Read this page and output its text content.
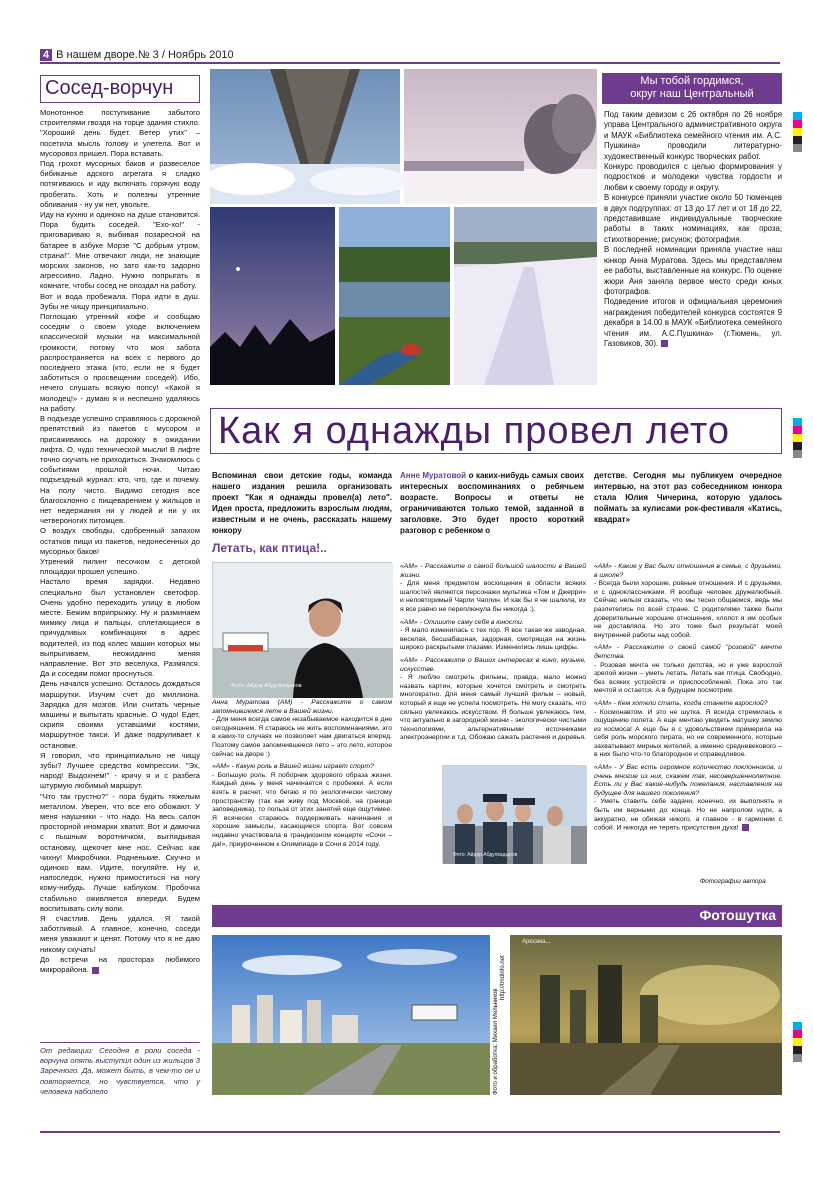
4 В нашем дворе.№ 3 / Ноябрь 2010
Сосед-ворчун

Монотонное поступивание забытого строителями гвоздя на торце здания стихло. "Хороший день будет. Ветер утих" – посетила мысль голову и улетела. Вот и мусоровоз пришел. Пора вставать.

Под грохот мусорных баков и развеселое бибиканье адского агрегата я сладко потягиваюсь и иду включать горячую воду пробегать. Хоть и полезны утренние обливания - ну уж нет, увольте.

Иду на кухню и одиноко на душе становится. Пора будить соседей. "Ехо-хо!" - приговариваю я, выбивая позаресной на батарее в азбуке Морзе "С добрым утром, страна!". Мне отвечают люди, не знающие морских законов, но зато как-то задорно агрессивно. Ладно. Нужно попрыгать в комнате, чтобы сосед не опоздал на работу.

Вот и вода пробежала. Пора идти в душ. Зубы не чищу принципиально.

Поглощаю утренний кофе и сообщаю соседям о своем уходе включением классической музыки на максимальной громкости, потому что моя забота распространяется на всех с первого до последнего этажа (кто, если не я будет заботиться о просвещении соседей). Ибо, нечего слушать всякую попсу! «Какой я молодец!» - думаю я и неспешно удаляюсь на работу.

В подъезде успешно справляюсь с дорожной препятствий из пакетов с мусором и присаживаюсь на дорожку в ожидании лифта. О, чудо технической мысли! В лифте точно скучать не приходиться. Знакомлюсь с событиями прошлой ночи. Читаю подъездный журнал: кто, что, где и почему. На полу чисто. Видимо сегодня все благосклонно с пищеварением у жильцов и нет недержания ни у людей и ни у их четвероногих питомцев.

О воздух свободы, сдобренный запахом остатков пищи из пакетов, недонесенных до мусорных баков!

Утренний пилинг песочком с детской площадки прошел успешно.

Настало время зарядки. Недавно специально был установлен светофор. Очень удобно переходить улицу в любом месте. Бежим вприпрыжку. Ну и разминаем мимику лица и пальцы, сплетающиеся в причудливых комбинациях в адрес водителей, из под колес машин которых мы выпрыгиваем, неожиданно меняя направление. Вот это веселуха. Размялся. Да и соседям помог проснуться.

День начался успешно. Осталось дождаться маршрутки. Изучим счет до миллиона. Зарядка для мозгов. Или считать черные машины и выпытать красные. О чудо! Едет, скрипя своими уставшими костями, маршрутное такси. И даже подруливает к остановке.

Я говорил, что принципиально не чищу зубы? Лучшее средство компрессии. "Эх, народ! Выдохнем!" - кричу я и с разбега штурмую любимый маршрут.

"Что так грустно?" - пора будить тяжелым металлом. Уверен, что все его обожают. У меня наушники - что надо. На весь салон просторной иномарки хватит. Вот и дамочка с пышным воротничком, выглядывая остановку, щекочет мне нос. Сейчас как чихну! Микробчики. Родненькие. Скучно и одиноко вам. Идите, погуляйте. Ну и, напоследок, нужно примоститься на ногу кому-нибудь. Лучше каблуком. Пробочка стабильно оживляется впереди. Будем воспитывать силу воли.

Я счастлив. День удался. Я такой заботливый. А главное, конечно, соседи меня уважают и ценят. Потому что я не даю никому скучать!

До встречи на просторах любимого микрорайона.

От редакции: Сегодня в роли соседа - ворчуна опять выступил один из жильцов 3 Заречного. Да, может быть, в чем-то он и повторяется, но чувствуется, что у человека наболело
Мы тобой гордимся,
округ наш Центральный

Под таким девизом с 26 октября по 26 ноября управа Центрального административного округа и МАУК «Библиотека семейного чтения им. А.С. Пушкина» проводили литературно-художественный конкурс творческих работ.

Конкурс проводился с целью формирования у подростков и молодежи чувства гордости и любви к своему городу и округу.

В конкурсе приняли участие около 50 тюменцев в двух подгруппах: от 13 до 17 лет и от 18 до 22, представившие индивидуальные творческие работы в таких номинациях, как проза; стихотворение; рисунок; фотография.

В последней номинации приняла участие наш юнкор Анна Муратова. Здесь мы представляем ее работы, выставленные на конкурс. По оценке жюри Аня заняла первое место среди юных фотографов.

Подведение итогов и официальная церемония награждения победителей конкурса состоятся 9 декабря в 14.00 в МАУК «Библиотека семейного чтения им. А.С.Пушкина» (г.Тюмень, ул. Газовиков, 30).

Как я однажды провел лето
Вспоминая свои детские годы, команда нашего издания решила организовать проект "Как я однажды провел(а) лето". Идея проста, предложить взрослым людям, известным и не очень, рассказать нашему юнкору
Анне Муратовой о каких-нибудь самых своих интересных воспоминаниях о ребячьем возрасте. Вопросы и ответы не ограничиваются только темой, заданной в заголовке. Это будет просто короткий разговор с ребенком о
детстве. Сегодня мы публикуем очередное интервью, на этот раз собеседником юнкора стала Юлия Чичерина, которую удалось поймать за кулисами рок-фестиваля «Катись, квадрат»
Летать, как птица!..
Фото: Айдар Абдулкадыров

Анна Муратова (АМ) - Расскажите о самом запомнившемся лете в Вашей жизни.

- Для меня всегда самое незабываемое находится в дне сегодняшнем. Я стараюсь не жить воспоминаниями, это в каких-то случаях не позволяет нам двигаться вперед. Поэтому самое запомнившееся лето – это лето, которое сейчас на дворе :)

«АМ» - Какую роль в Вашей жизни играет спорт?

- Большую роль. Я поборник здорового образа жизни. Каждый день у меня начинается с пробежки. А если взять в расчет, что бегаю я по экологически чистому пространству (так как живу под Москвой, на границе заповедника), то польза от этих занятий еще ощутимее. Я всячески стараюсь поддерживать начинания и хорошие замыслы, касающиеся спорта. Вот совсем недавно участвовала в грандиозном концерте «Сочи – да!», приуроченном к Олимпиаде в Сочи в 2014 году.

«АМ» - Расскажите о самой большой шалости в Вашей жизни.

- Для меня предметом восхищения в области всяких шалостей являются персонажи мультика «Том и Джерри» и неповторимый Чарли Чаплин. И как бы я не шалила, их я все равно не переплюнула бы никогда :).

«АМ» - Опишите саму себя в юности.

- Я мало изменилась с тех пор. Я все такая же заводная, веселая, бесшабашная, задорная, смотрящая на жизнь широко раскрытыми глазами. Изменились лишь цифры.

«АМ» - Расскажите о Ваших интересах в кино, музыке, искусстве.

- Я люблю смотреть фильмы, правда, мало можно назвать картин, которые хочется смотреть и смотреть многократно. Для меня самый лучший фильм – новый, который я еще не успела посмотреть. Не могу сказать, что сильно увлекаюсь искусством. Я больше увлекаюсь тем, что актуально в загородной жизни - экологически чистыми технологиями, альтернативными источниками электроэнергии и т.д. Обожаю сажать растения и деревья.

Фото: Айдар Абдулкадыров

«АМ» - Какие у Вас были отношения в семье, с друзьями, в школе?

- Всегда были хорошие, ровные отношения. И с друзьями, и с одноклассниками. Я вообще человек дружелюбный. Сейчас нельзя сказать, что мы тесно общаемся, ведь мы разлетелись по всей стране. С родителями также были доверительные хорошие отношения, хлопот я им особых не доставляла. Но это тоже был результат моей внутренней работы над собой.

«АМ» - Расскажите о своей самой "розовой" мечте детства.

- Розовая мечта не только детства, но и уже взрослой зрелой жизни – уметь летать. Летать как птица. Свободно, без всяких устройств и приспособлений. Пока это так мечтой и остается. А в будущем посмотрим.

«АМ» - Кем хотели стать, когда станете взрослой?

- Космонавтом. И это не шутка. Я всегда стремилась к ощущению полета. А еще мечтаю увидеть матушку землю из космоса! А еще бы я с удовольствием примерила на себя роль морского пирата, но не современного, которые захватывают мирных жителей, а именно средневекового – в них было что-то благородное и справедливое.

«АМ» - У Вас есть огромное количество поклонников, и очень многие из них, скажем так, несовершеннолетние. Есть ли у Вас какие-нибудь пожелания, наставления на будущее для нашего поколения?

- Уметь ставить себе задачи, конечно, их выполнять и быть им верными до конца. Но не напролом идти, а аккуратно, не обижая никого, а главное - в гармонии с собой. И никогда не терять присутствия духа!

Фотографии автора
Фотошутка
Фото и обработка: Михаил Мельников
http://tmdinfo.net
Аркхэма...
